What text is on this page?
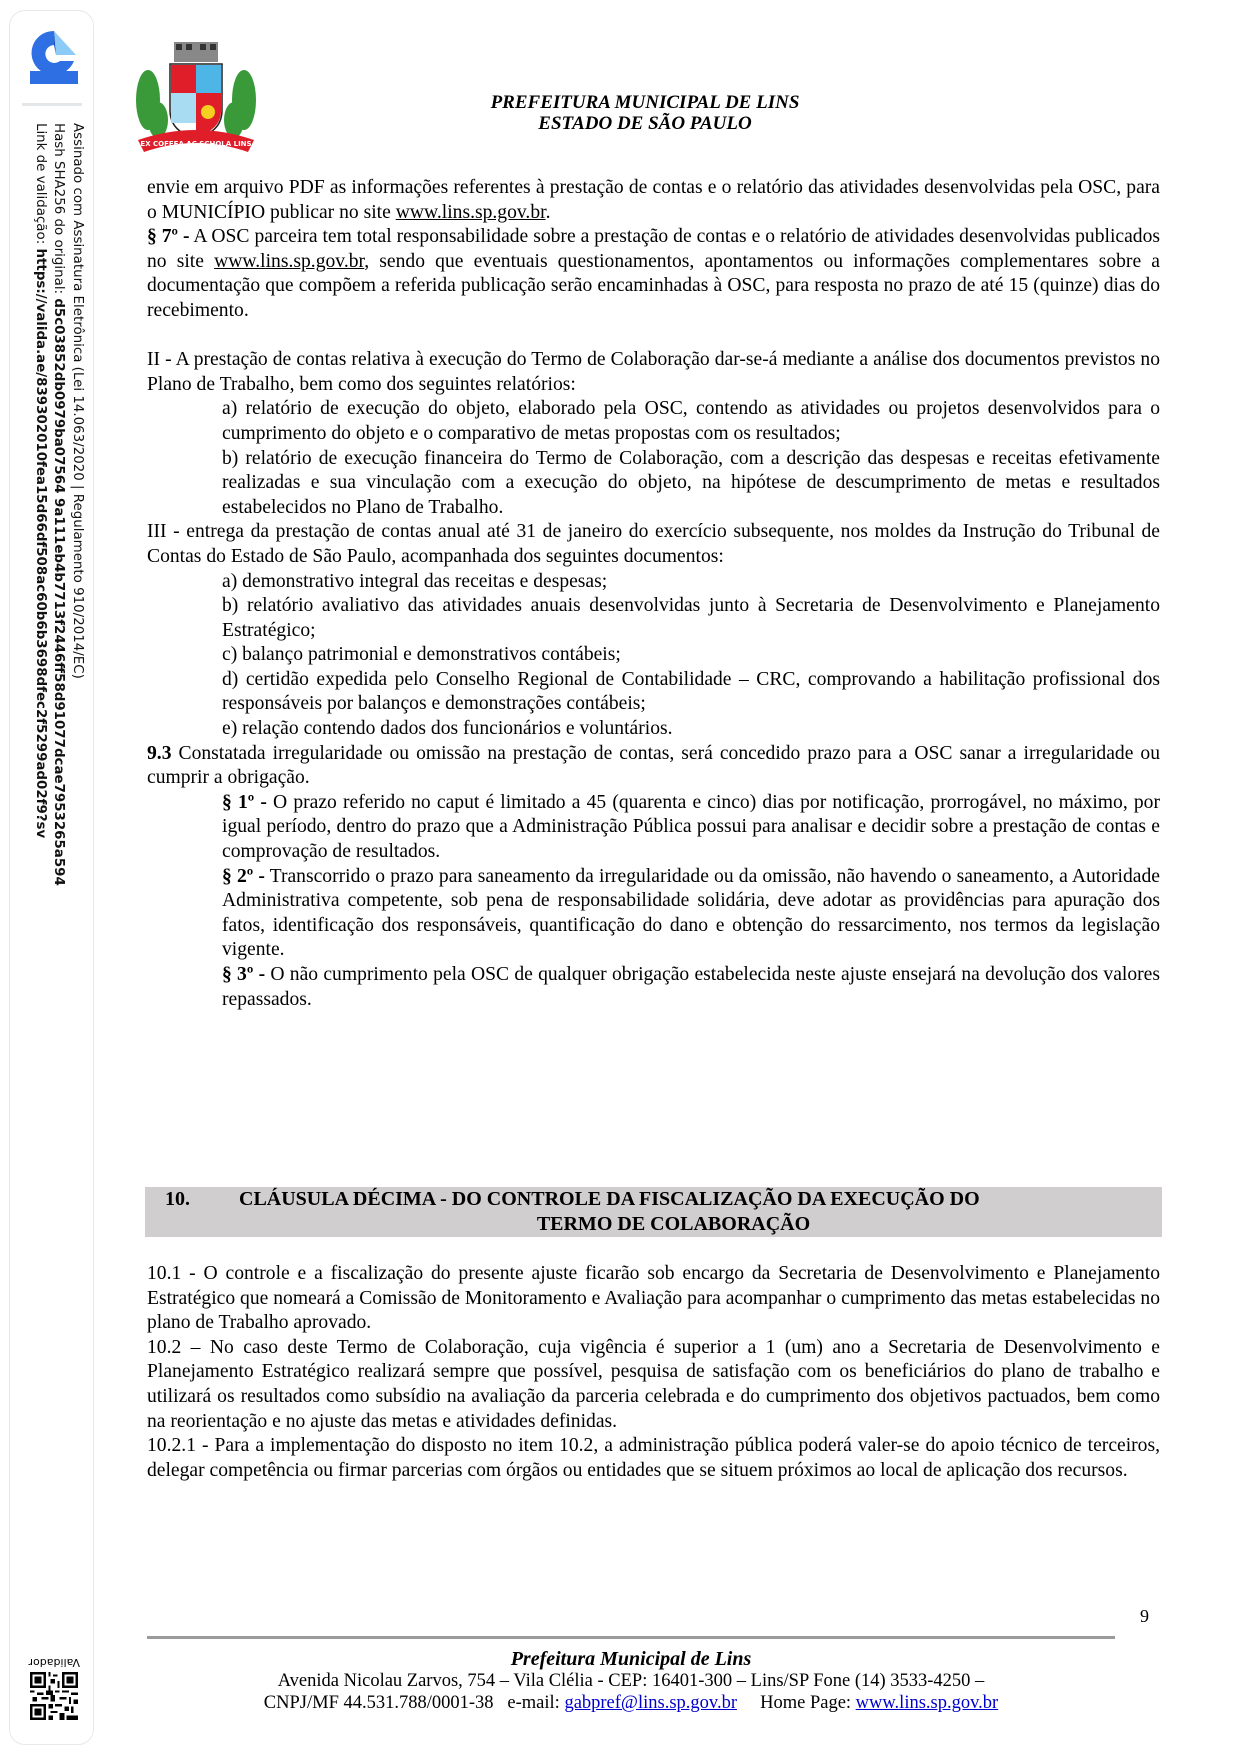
Assinado com Assinatura Eletrônica (Lei 14.063/2020 | Regulamento 910/2014/EC)
Hash SHA256 do original: d5c03852db0979ba07564 9a111eb4b7713f2446ff58d91077dcae7953265a594
Link de validação: https://valida.ae/839302010fea15d66df508ac60b6b3698dfec2f5299ad02f9?sv
Validador
EX COFFEA AC SCHOLA LINS
PREFEITURA MUNICIPAL DE LINS
ESTADO DE SÃO PAULO

envie em arquivo PDF as informações referentes à prestação de contas e o relatório das atividades desenvolvidas pela OSC, para o MUNICÍPIO publicar no site www.lins.sp.gov.br.

§ 7º - A OSC parceira tem total responsabilidade sobre a prestação de contas e o relatório de atividades desenvolvidas publicados no site www.lins.sp.gov.br, sendo que eventuais questionamentos, apontamentos ou informações complementares sobre a documentação que compõem a referida publicação serão encaminhadas à OSC, para resposta no prazo de até 15 (quinze) dias do recebimento.

II - A prestação de contas relativa à execução do Termo de Colaboração dar-se-á mediante a análise dos documentos previstos no Plano de Trabalho, bem como dos seguintes relatórios:

a) relatório de execução do objeto, elaborado pela OSC, contendo as atividades ou projetos desenvolvidos para o cumprimento do objeto e o comparativo de metas propostas com os resultados;

b) relatório de execução financeira do Termo de Colaboração, com a descrição das despesas e receitas efetivamente realizadas e sua vinculação com a execução do objeto, na hipótese de descumprimento de metas e resultados estabelecidos no Plano de Trabalho.

III - entrega da prestação de contas anual até 31 de janeiro do exercício subsequente, nos moldes da Instrução do Tribunal de Contas do Estado de São Paulo, acompanhada dos seguintes documentos:

a) demonstrativo integral das receitas e despesas;

b) relatório avaliativo das atividades anuais desenvolvidas junto à Secretaria de Desenvolvimento e Planejamento Estratégico;

c) balanço patrimonial e demonstrativos contábeis;

d) certidão expedida pelo Conselho Regional de Contabilidade – CRC, comprovando a habilitação profissional dos responsáveis por balanços e demonstrações contábeis;

e) relação contendo dados dos funcionários e voluntários.

9.3 Constatada irregularidade ou omissão na prestação de contas, será concedido prazo para a OSC sanar a irregularidade ou cumprir a obrigação.

§ 1º - O prazo referido no caput é limitado a 45 (quarenta e cinco) dias por notificação, prorrogável, no máximo, por igual período, dentro do prazo que a Administração Pública possui para analisar e decidir sobre a prestação de contas e comprovação de resultados.

§ 2º - Transcorrido o prazo para saneamento da irregularidade ou da omissão, não havendo o saneamento, a Autoridade Administrativa competente, sob pena de responsabilidade solidária, deve adotar as providências para apuração dos fatos, identificação dos responsáveis, quantificação do dano e obtenção do ressarcimento, nos termos da legislação vigente.

§ 3º - O não cumprimento pela OSC de qualquer obrigação estabelecida neste ajuste ensejará na devolução dos valores repassados.

10.	CLÁUSULA DÉCIMA - DO CONTROLE DA FISCALIZAÇÃO DA EXECUÇÃO DO
TERMO DE COLABORAÇÃO

10.1 - O controle e a fiscalização do presente ajuste ficarão sob encargo da Secretaria de Desenvolvimento e Planejamento Estratégico que nomeará a Comissão de Monitoramento e Avaliação para acompanhar o cumprimento das metas estabelecidas no plano de Trabalho aprovado.

10.2 – No caso deste Termo de Colaboração, cuja vigência é superior a 1 (um) ano a Secretaria de Desenvolvimento e Planejamento Estratégico realizará sempre que possível, pesquisa de satisfação com os beneficiários do plano de trabalho e utilizará os resultados como subsídio na avaliação da parceria celebrada e do cumprimento dos objetivos pactuados, bem como na reorientação e no ajuste das metas e atividades definidas.

10.2.1 - Para a implementação do disposto no item 10.2, a administração pública poderá valer-se do apoio técnico de terceiros, delegar competência ou firmar parcerias com órgãos ou entidades que se situem próximos ao local de aplicação dos recursos.

9
Prefeitura Municipal de Lins
Avenida Nicolau Zarvos, 754 – Vila Clélia - CEP: 16401-300 – Lins/SP Fone (14) 3533-4250 –
CNPJ/MF 44.531.788/0001-38   e-mail: gabpref@lins.sp.gov.br     Home Page: www.lins.sp.gov.br
